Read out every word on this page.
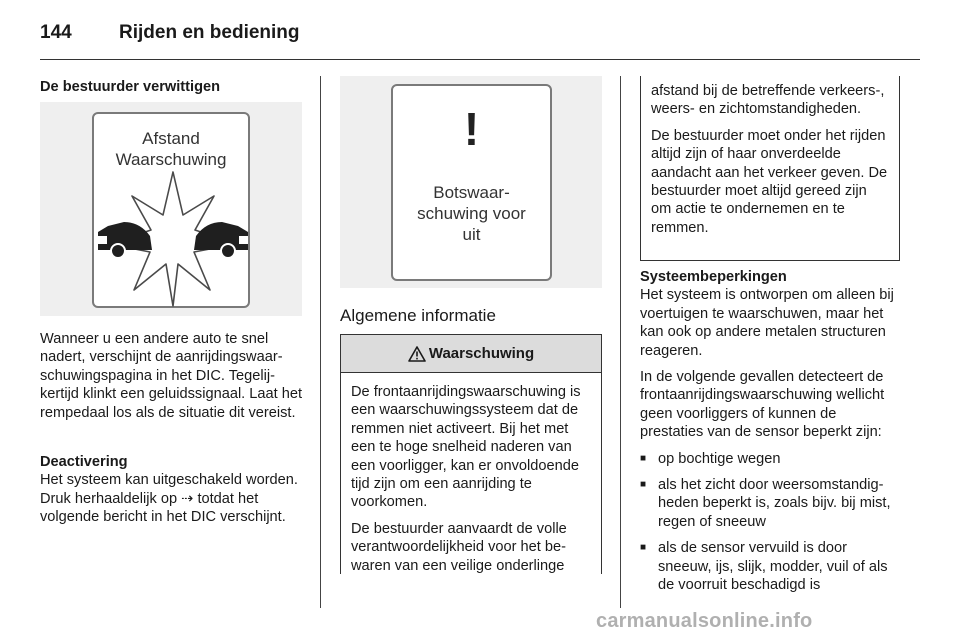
144 Rijden en bediening
De bestuurder verwittigen
Afstand
Waarschuwing

Wanneer u een andere auto te snel nadert, verschijnt de aanrijdingswaarschuwingspagina in het DIC. Tegelijkertijd klinkt een geluidssignaal. Laat het rempedaal los als de situatie dit vereist.

Deactivering

Het systeem kan uitgeschakeld worden. Druk herhaaldelijk op ⇢ totdat het volgende bericht in het DIC verschijnt.

!
Botswaar-
schuwing voor
uit
Algemene informatie
Waarschuwing

De frontaanrijdingswaarschuwing is een waarschuwingssysteem dat de remmen niet activeert. Bij het met een te hoge snelheid naderen van een voorligger, kan er onvoldoende tijd zijn om een aanrijding te voorkomen.

De bestuurder aanvaardt de volle verantwoordelijkheid voor het bewaren van een veilige onderlinge

afstand bij de betreffende verkeers-, weers- en zichtomstandigheden.

De bestuurder moet onder het rijden altijd zijn of haar onverdeelde aandacht aan het verkeer geven. De bestuurder moet altijd gereed zijn om actie te ondernemen en te remmen.

Systeembeperkingen

Het systeem is ontworpen om alleen bij voertuigen te waarschuwen, maar het kan ook op andere metalen structuren reageren.

In de volgende gevallen detecteert de frontaanrijdingswaarschuwing wellicht geen voorliggers of kunnen de prestaties van de sensor beperkt zijn:

■ op bochtige wegen
■ als het zicht door weersomstandigheden beperkt is, zoals bijv. bij mist, regen of sneeuw
■ als de sensor vervuild is door sneeuw, ijs, slijk, modder, vuil of als de voorruit beschadigd is
carmanualsonline.info
